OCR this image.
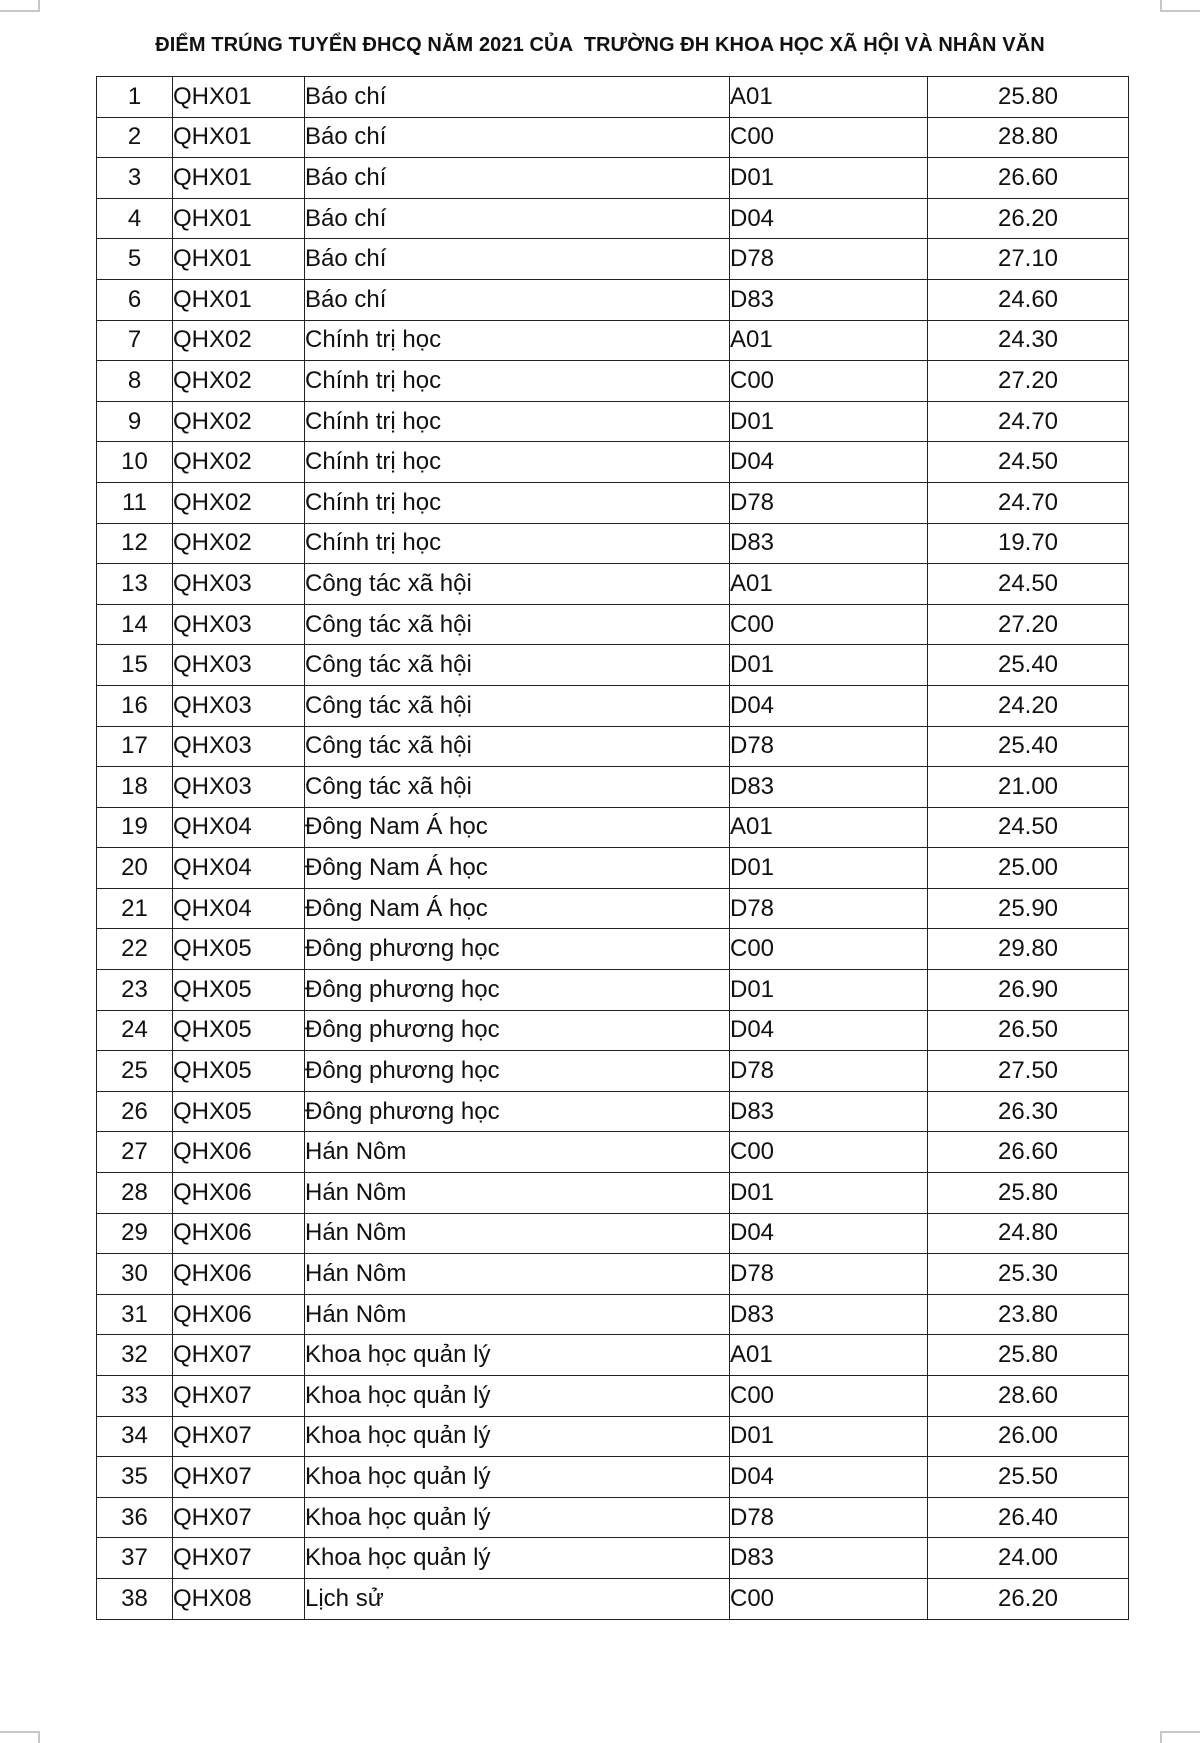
ĐIỂM TRÚNG TUYỂN ĐHCQ NĂM 2021 CỦA  TRƯỜNG ĐH KHOA HỌC XÃ HỘI VÀ NHÂN VĂN
1	QHX01	Báo chí	A01	25.80
2	QHX01	Báo chí	C00	28.80
3	QHX01	Báo chí	D01	26.60
4	QHX01	Báo chí	D04	26.20
5	QHX01	Báo chí	D78	27.10
6	QHX01	Báo chí	D83	24.60
7	QHX02	Chính trị học	A01	24.30
8	QHX02	Chính trị học	C00	27.20
9	QHX02	Chính trị học	D01	24.70
10	QHX02	Chính trị học	D04	24.50
11	QHX02	Chính trị học	D78	24.70
12	QHX02	Chính trị học	D83	19.70
13	QHX03	Công tác xã hội	A01	24.50
14	QHX03	Công tác xã hội	C00	27.20
15	QHX03	Công tác xã hội	D01	25.40
16	QHX03	Công tác xã hội	D04	24.20
17	QHX03	Công tác xã hội	D78	25.40
18	QHX03	Công tác xã hội	D83	21.00
19	QHX04	Đông Nam Á học	A01	24.50
20	QHX04	Đông Nam Á học	D01	25.00
21	QHX04	Đông Nam Á học	D78	25.90
22	QHX05	Đông phương học	C00	29.80
23	QHX05	Đông phương học	D01	26.90
24	QHX05	Đông phương học	D04	26.50
25	QHX05	Đông phương học	D78	27.50
26	QHX05	Đông phương học	D83	26.30
27	QHX06	Hán Nôm	C00	26.60
28	QHX06	Hán Nôm	D01	25.80
29	QHX06	Hán Nôm	D04	24.80
30	QHX06	Hán Nôm	D78	25.30
31	QHX06	Hán Nôm	D83	23.80
32	QHX07	Khoa học quản lý	A01	25.80
33	QHX07	Khoa học quản lý	C00	28.60
34	QHX07	Khoa học quản lý	D01	26.00
35	QHX07	Khoa học quản lý	D04	25.50
36	QHX07	Khoa học quản lý	D78	26.40
37	QHX07	Khoa học quản lý	D83	24.00
38	QHX08	Lịch sử	C00	26.20
